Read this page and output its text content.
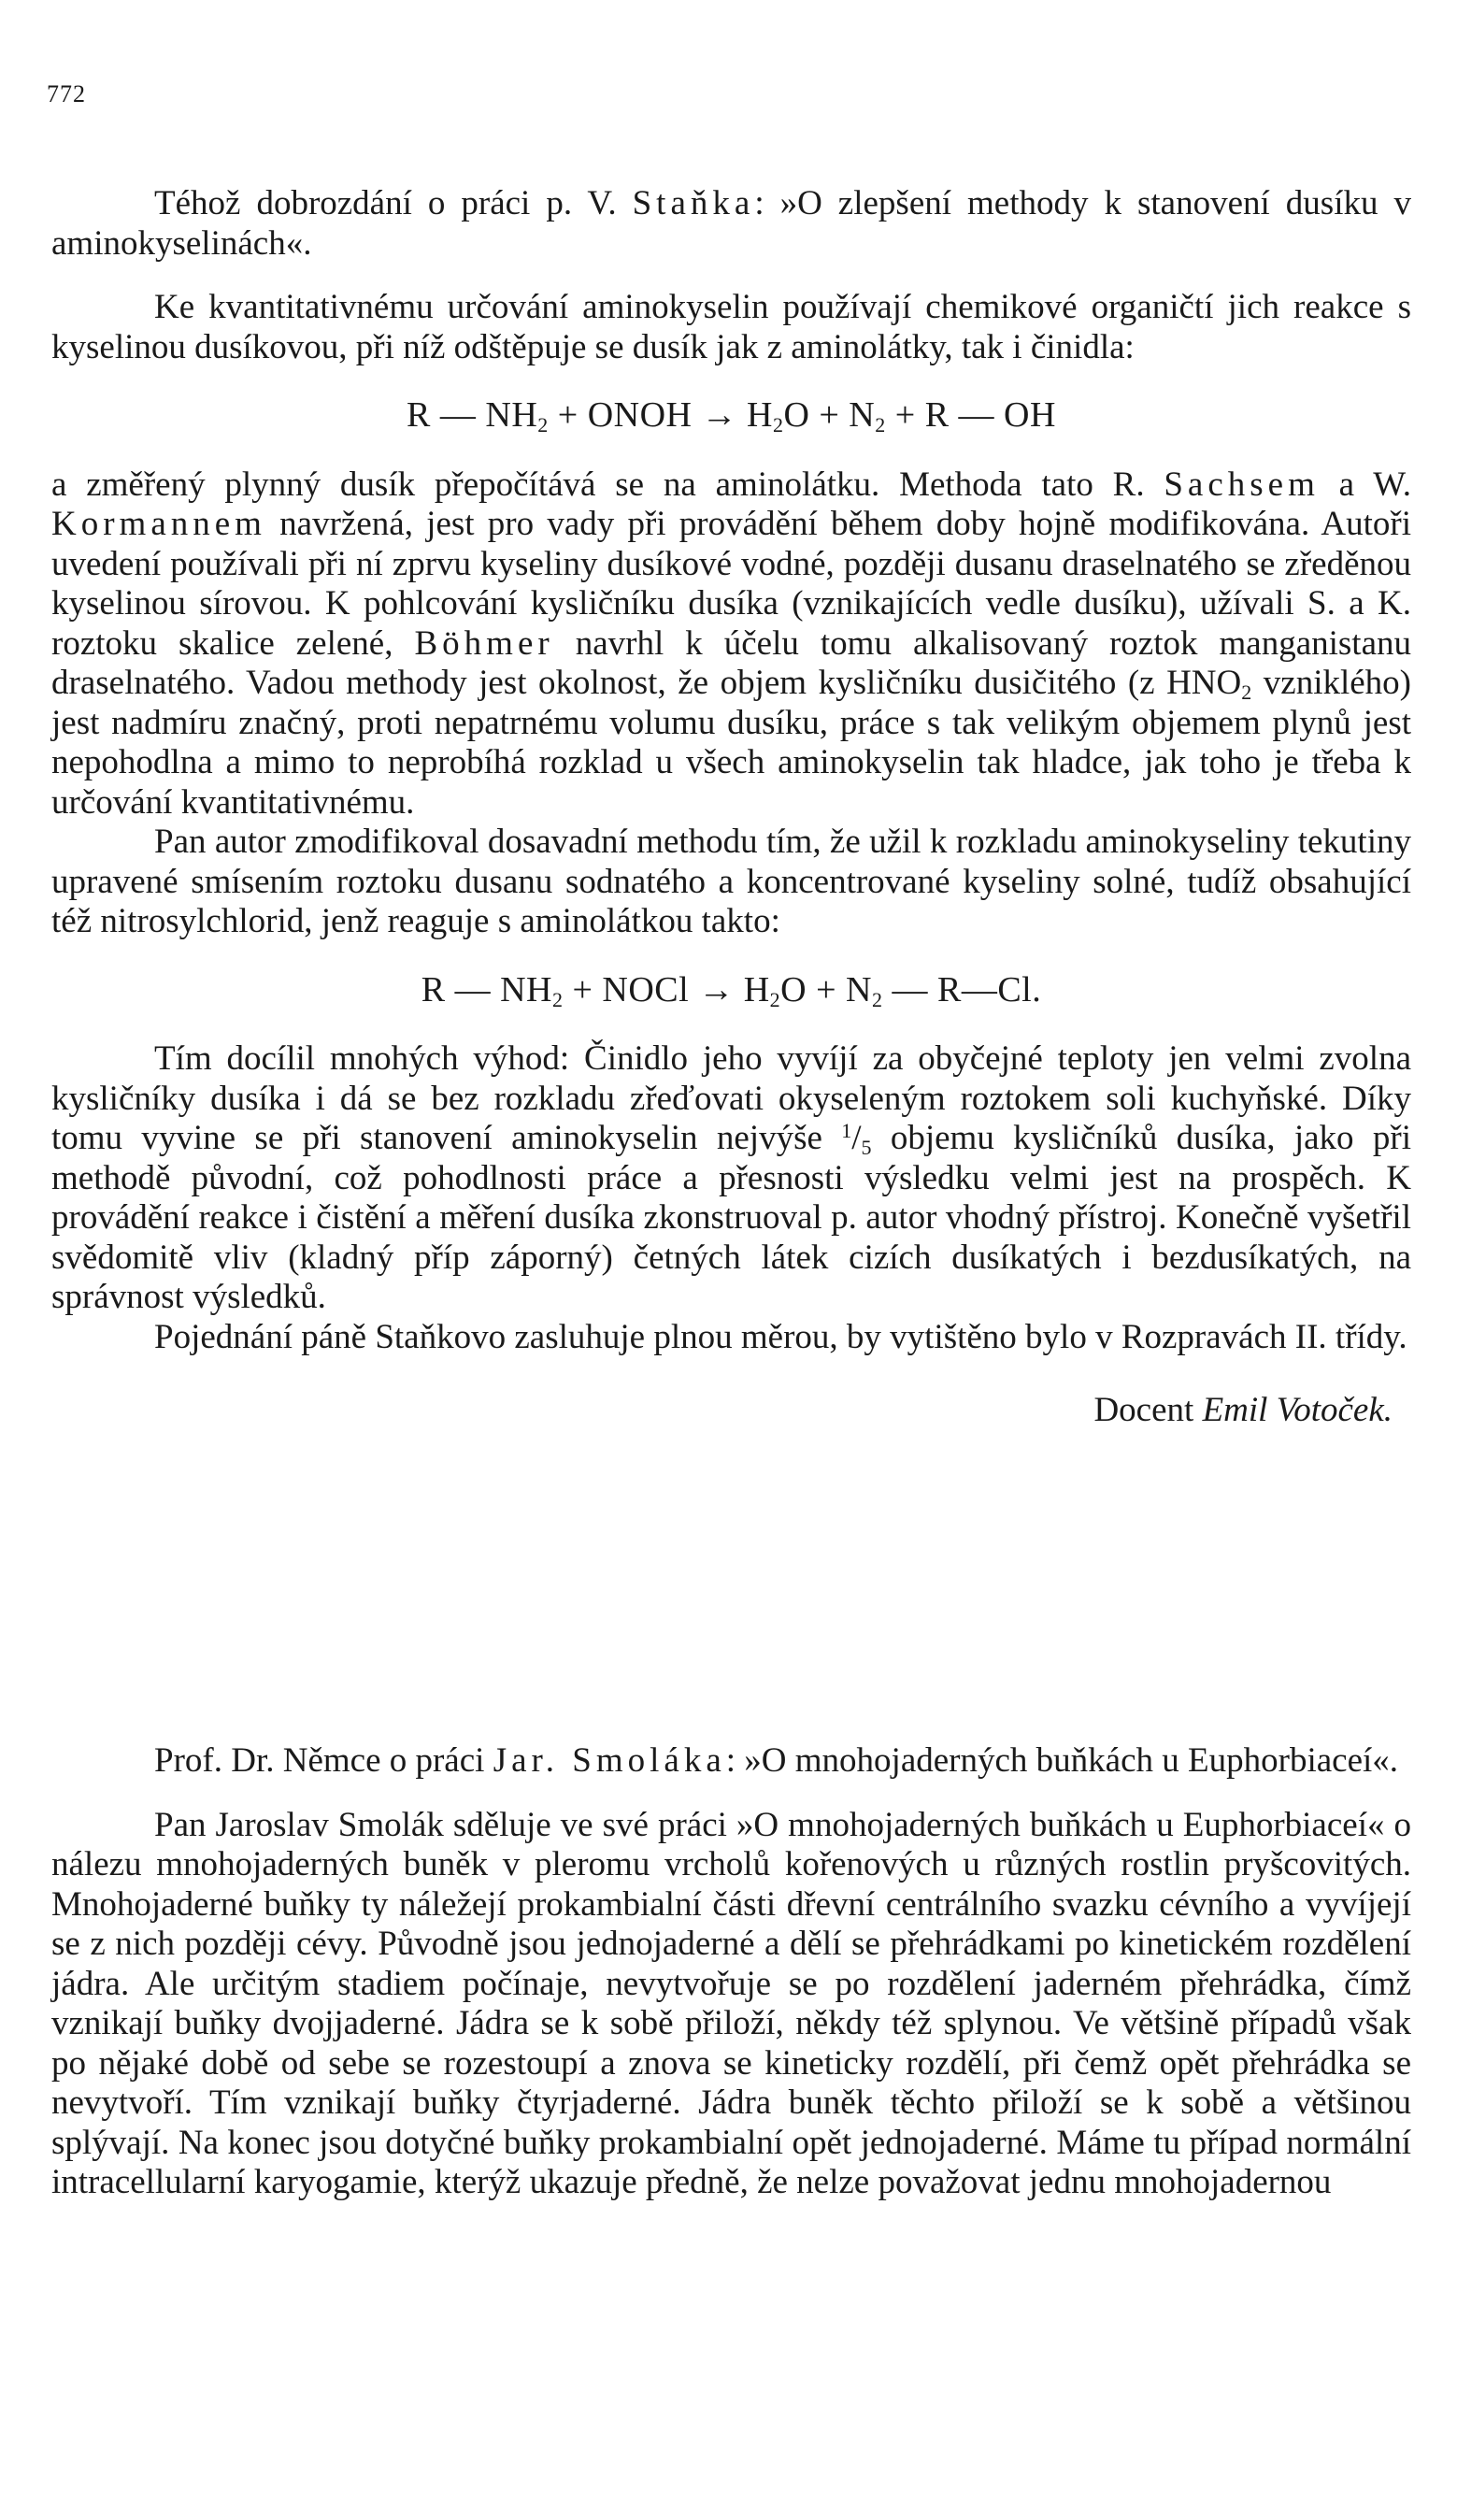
772

Téhož dobrozdání o práci p. V. Staňka: »O zlepšení methody k stanovení dusíku v aminokyselinách«.

Ke kvantitativnému určování aminokyselin používají chemikové organičtí jich reakce s kyselinou dusíkovou, při níž odštěpuje se dusík jak z aminolátky, tak i činidla:

R — $NH_2$ + ONOH → $H_2O + N_2 + R$ — OH

a změřený plynný dusík přepočítává se na aminolátku. Methoda tato R. Sachsem a W. Kormannem navržená, jest pro vady při provádění během doby hojně modifikována. Autoři uvedení používali při ní zprvu kyseliny dusíkové vodné, později dusanu draselnatého se zředěnou kyselinou sírovou. K pohlcování kysličníku dusíka (vznikajících vedle dusíku), užívali S. a K. roztoku skalice zelené, Böhmer navrhl k účelu tomu alkalisovaný roztok manganistanu draselnatého. Vadou methody jest okolnost, že objem kysličníku dusičitého (z $HNO_2$ vzniklého) jest nadmíru značný, proti nepatrnému volumu dusíku, práce s tak velikým objemem plynů jest nepohodlna a mimo to neprobíhá rozklad u všech aminokyselin tak hladce, jak toho je třeba k určování kvantitativnému.

Pan autor zmodifikoval dosavadní methodu tím, že užil k rozkladu aminokyseliny tekutiny upravené smísením roztoku dusanu sodnatého a koncentrované kyseliny solné, tudíž obsahující též nitrosylchlorid, jenž reaguje s aminolátkou takto:

R — $NH_2$ + NOCl → $H_2O + N_2$ — R—Cl.

Tím docílil mnohých výhod: Činidlo jeho vyvíjí za obyčejné teploty jen velmi zvolna kysličníky dusíka i dá se bez rozkladu zřeďovati okyseleným roztokem soli kuchyňské. Díky tomu vyvine se při stanovení aminokyselin nejvýše $^1/_5$ objemu kysličníků dusíka, jako při methodě původní, což pohodlnosti práce a přesnosti výsledku velmi jest na prospěch. K provádění reakce i čistění a měření dusíka zkonstruoval p. autor vhodný přístroj. Konečně vyšetřil svědomitě vliv (kladný příp záporný) četných látek cizích dusíkatých i bezdusíkatých, na správnost výsledků.

Pojednání páně Staňkovo zasluhuje plnou měrou, by vytištěno bylo v Rozpravách II. třídy.

Docent Emil Votoček.

Prof. Dr. Němce o práci Jar. Smoláka: »O mnohojaderných buňkách u Euphorbiaceí«.

Pan Jaroslav Smolák sděluje ve své práci »O mnohojaderných buňkách u Euphorbiaceí« o nálezu mnohojaderných buněk v pleromu vrcholů kořenových u různých rostlin pryšcovitých. Mnohojaderné buňky ty náležejí prokambialní části dřevní centrálního svazku cévního a vyvíjejí se z nich později cévy. Původně jsou jednojaderné a dělí se přehrádkami po kinetickém rozdělení jádra. Ale určitým stadiem počínaje, nevytvořuje se po rozdělení jaderném přehrádka, čímž vznikají buňky dvojjaderné. Jádra se k sobě přiloží, někdy též splynou. Ve většině případů však po nějaké době od sebe se rozestoupí a znova se kineticky rozdělí, při čemž opět přehrádka se nevytvoří. Tím vznikají buňky čtyrjaderné. Jádra buněk těchto přiloží se k sobě a většinou splývají. Na konec jsou dotyčné buňky prokambialní opět jednojaderné. Máme tu případ normální intracellularní karyogamie, kterýž ukazuje předně, že nelze považovat jednu mnohojadernou
